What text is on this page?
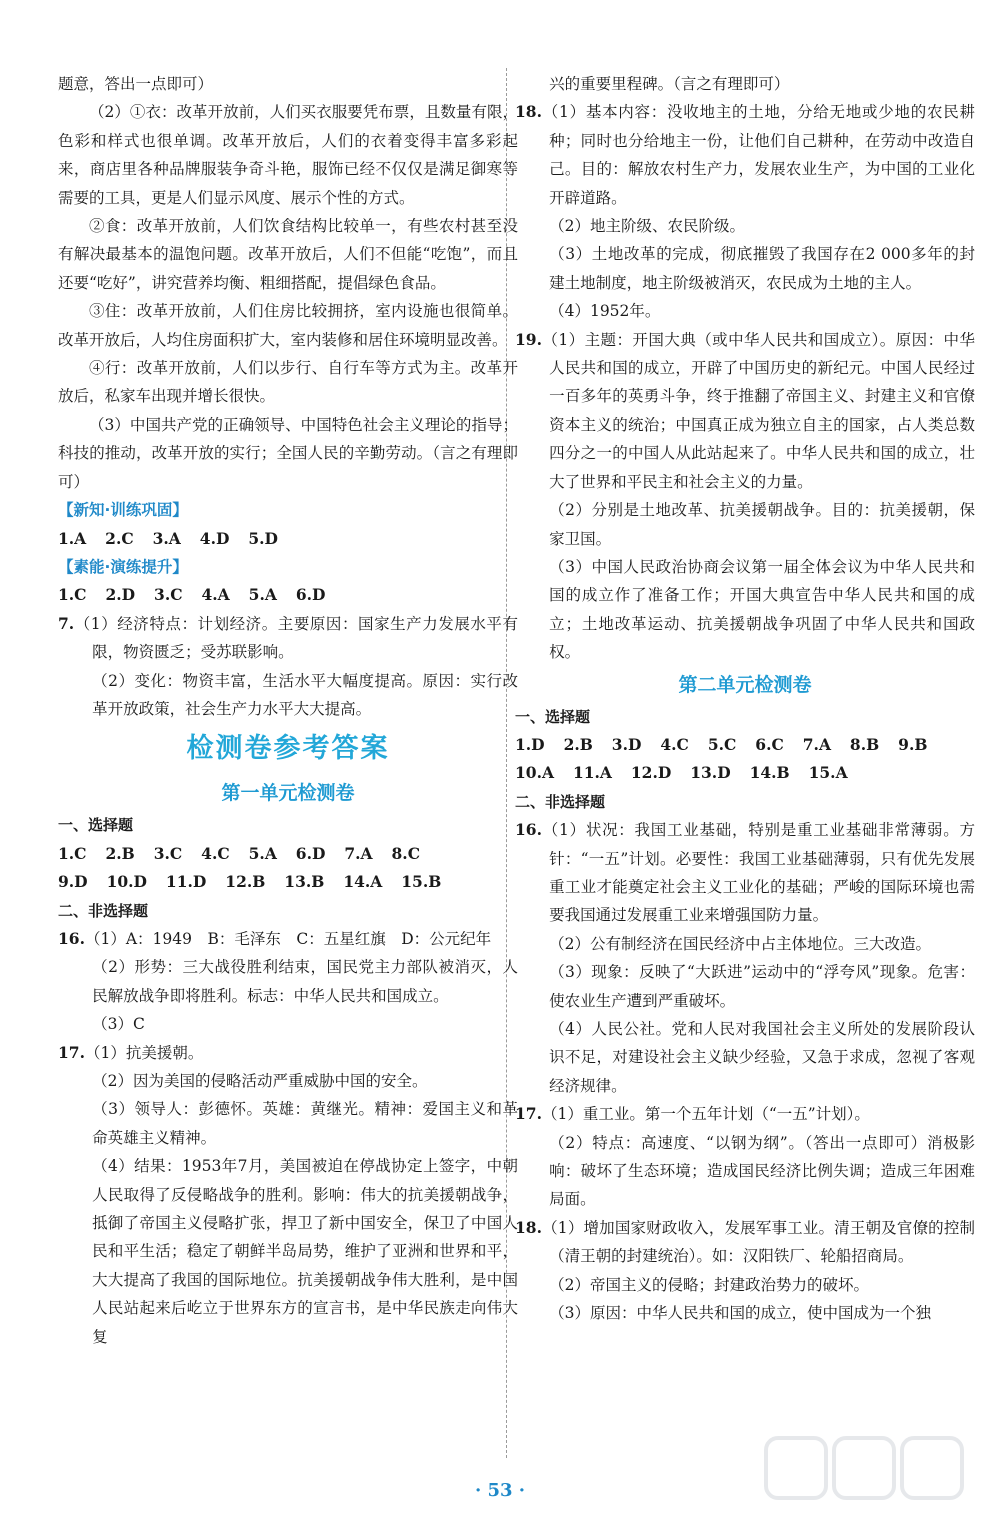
题意，答出一点即可）

（2）①衣：改革开放前，人们买衣服要凭布票，且数量有限，色彩和样式也很单调。改革开放后，人们的衣着变得丰富多彩起来，商店里各种品牌服装争奇斗艳，服饰已经不仅仅是满足御寒等需要的工具，更是人们显示风度、展示个性的方式。

②食：改革开放前，人们饮食结构比较单一，有些农村甚至没有解决最基本的温饱问题。改革开放后，人们不但能“吃饱”，而且还要“吃好”，讲究营养均衡、粗细搭配，提倡绿色食品。

③住：改革开放前，人们住房比较拥挤，室内设施也很简单。改革开放后，人均住房面积扩大，室内装修和居住环境明显改善。

④行：改革开放前，人们以步行、自行车等方式为主。改革开放后，私家车出现并增长很快。

（3）中国共产党的正确领导、中国特色社会主义理论的指导；科技的推动，改革开放的实行；全国人民的辛勤劳动。（言之有理即可）

【新知·训练巩固】

1.A 2.C 3.A 4.D 5.D

【素能·演练提升】

1.C 2.D 3.C 4.A 5.A 6.D

7.（1）经济特点：计划经济。主要原因：国家生产力发展水平有限，物资匮乏；受苏联影响。

（2）变化：物资丰富，生活水平大幅度提高。原因：实行改革开放政策，社会生产力水平大大提高。

检测卷参考答案
第一单元检测卷

一、选择题

1.C 2.B 3.C 4.C 5.A 6.D 7.A 8.C

9.D 10.D 11.D 12.B 13.B 14.A 15.B

二、非选择题

16.（1）A：1949　B：毛泽东　C：五星红旗　D：公元纪年

（2）形势：三大战役胜利结束，国民党主力部队被消灭，人民解放战争即将胜利。标志：中华人民共和国成立。

（3）C

17.（1）抗美援朝。

（2）因为美国的侵略活动严重威胁中国的安全。

（3）领导人：彭德怀。英雄：黄继光。精神：爱国主义和革命英雄主义精神。

（4）结果：1953年7月，美国被迫在停战协定上签字，中朝人民取得了反侵略战争的胜利。影响：伟大的抗美援朝战争，抵御了帝国主义侵略扩张，捍卫了新中国安全，保卫了中国人民和平生活；稳定了朝鲜半岛局势，维护了亚洲和世界和平，大大提高了我国的国际地位。抗美援朝战争伟大胜利，是中国人民站起来后屹立于世界东方的宣言书，是中华民族走向伟大复

兴的重要里程碑。（言之有理即可）

18.（1）基本内容：没收地主的土地，分给无地或少地的农民耕种；同时也分给地主一份，让他们自己耕种，在劳动中改造自己。目的：解放农村生产力，发展农业生产，为中国的工业化开辟道路。

（2）地主阶级、农民阶级。

（3）土地改革的完成，彻底摧毁了我国存在2 000多年的封建土地制度，地主阶级被消灭，农民成为土地的主人。

（4）1952年。

19.（1）主题：开国大典（或中华人民共和国成立）。原因：中华人民共和国的成立，开辟了中国历史的新纪元。中国人民经过一百多年的英勇斗争，终于推翻了帝国主义、封建主义和官僚资本主义的统治；中国真正成为独立自主的国家，占人类总数四分之一的中国人从此站起来了。中华人民共和国的成立，壮大了世界和平民主和社会主义的力量。

（2）分别是土地改革、抗美援朝战争。目的：抗美援朝，保家卫国。

（3）中国人民政治协商会议第一届全体会议为中华人民共和国的成立作了准备工作；开国大典宣告中华人民共和国的成立；土地改革运动、抗美援朝战争巩固了中华人民共和国政权。

第二单元检测卷

一、选择题

1.D 2.B 3.D 4.C 5.C 6.C 7.A 8.B 9.B

10.A 11.A 12.D 13.D 14.B 15.A

二、非选择题

16.（1）状况：我国工业基础，特别是重工业基础非常薄弱。方针：“一五”计划。必要性：我国工业基础薄弱，只有优先发展重工业才能奠定社会主义工业化的基础；严峻的国际环境也需要我国通过发展重工业来增强国防力量。

（2）公有制经济在国民经济中占主体地位。三大改造。

（3）现象：反映了“大跃进”运动中的“浮夸风”现象。危害：使农业生产遭到严重破坏。

（4）人民公社。党和人民对我国社会主义所处的发展阶段认识不足，对建设社会主义缺少经验，又急于求成，忽视了客观经济规律。

17.（1）重工业。第一个五年计划（“一五”计划）。

（2）特点：高速度、“以钢为纲”。（答出一点即可）消极影响：破坏了生态环境；造成国民经济比例失调；造成三年困难局面。

18.（1）增加国家财政收入，发展军事工业。清王朝及官僚的控制（清王朝的封建统治）。如：汉阳铁厂、轮船招商局。

（2）帝国主义的侵略；封建政治势力的破坏。

（3）原因：中华人民共和国的成立，使中国成为一个独

· 53 ·
